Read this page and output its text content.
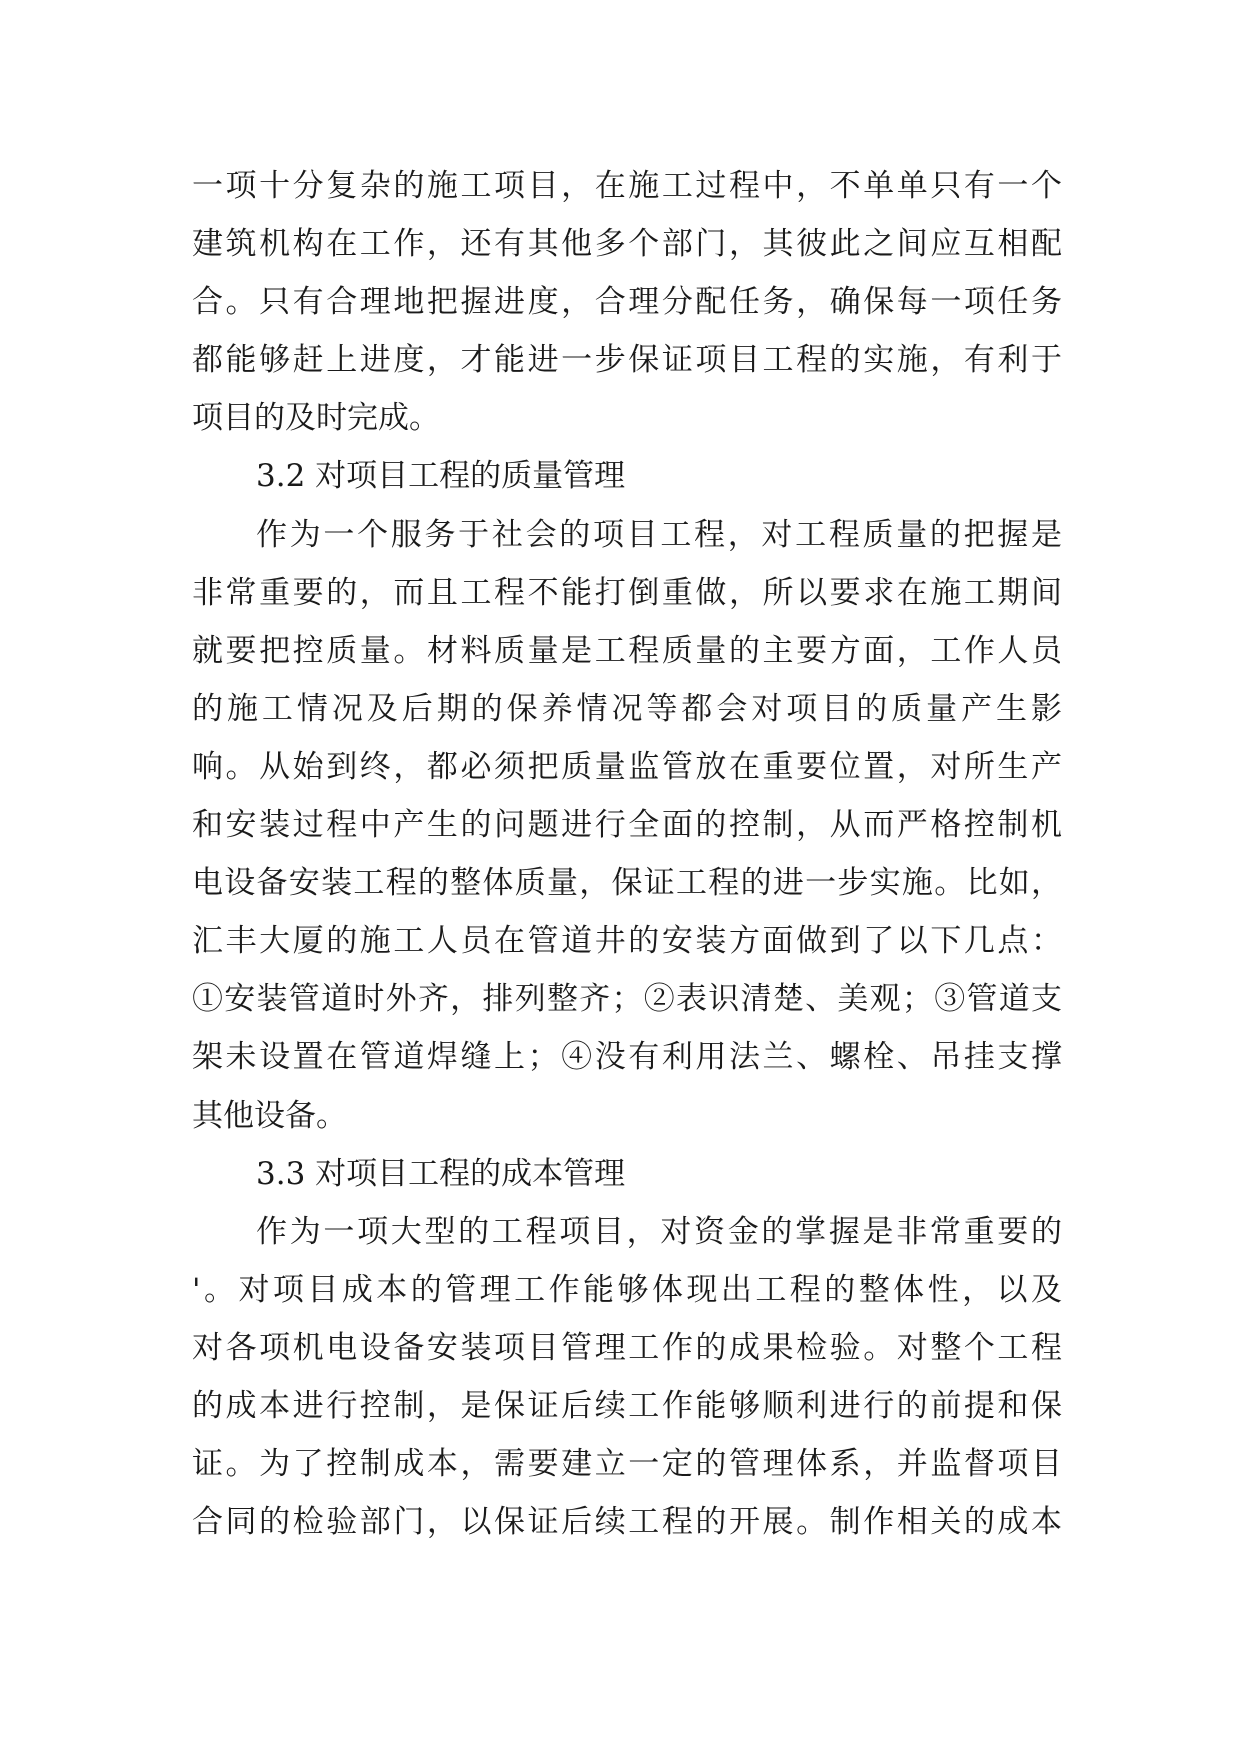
一项十分复杂的施工项目，在施工过程中，不单单只有一个
建筑机构在工作，还有其他多个部门，其彼此之间应互相配
合。只有合理地把握进度，合理分配任务，确保每一项任务
都能够赶上进度，才能进一步保证项目工程的实施，有利于
项目的及时完成。
3.2 对项目工程的质量管理
作为一个服务于社会的项目工程，对工程质量的把握是
非常重要的，而且工程不能打倒重做，所以要求在施工期间
就要把控质量。材料质量是工程质量的主要方面，工作人员
的施工情况及后期的保养情况等都会对项目的质量产生影
响。从始到终，都必须把质量监管放在重要位置，对所生产
和安装过程中产生的问题进行全面的控制，从而严格控制机
电设备安装工程的整体质量，保证工程的进一步实施。比如，
汇丰大厦的施工人员在管道井的安装方面做到了以下几点：
①安装管道时外齐，排列整齐；②表识清楚、美观；③管道支
架未设置在管道焊缝上；④没有利用法兰、螺栓、吊挂支撑
其他设备。
3.3 对项目工程的成本管理
作为一项大型的工程项目，对资金的掌握是非常重要的
'。对项目成本的管理工作能够体现出工程的整体性，以及
对各项机电设备安装项目管理工作的成果检验。对整个工程
的成本进行控制，是保证后续工作能够顺利进行的前提和保
证。为了控制成本，需要建立一定的管理体系，并监督项目
合同的检验部门，以保证后续工程的开展。制作相关的成本
